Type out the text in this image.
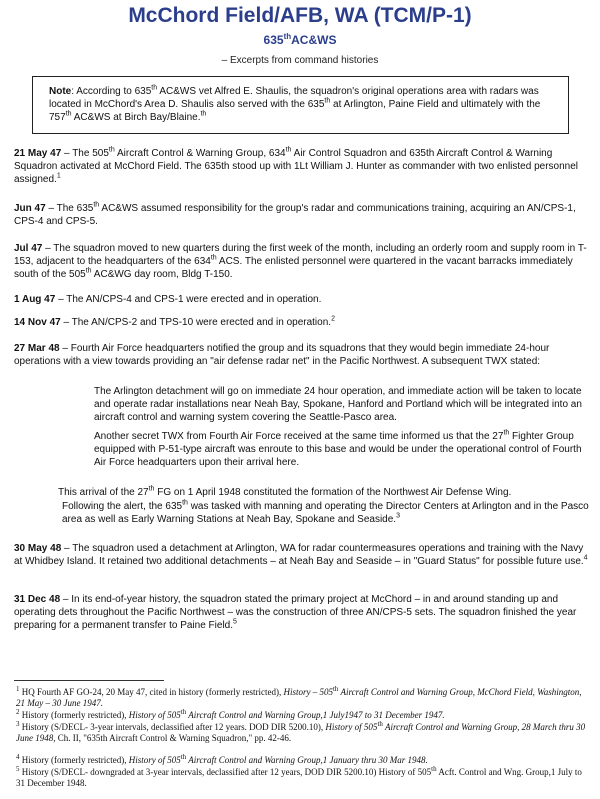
McChord Field/AFB, WA (TCM/P-1)
635thAC&WS
– Excerpts from command histories
Note: According to 635th AC&WS vet Alfred E. Shaulis, the squadron's original operations area with radars was located in McChord's Area D. Shaulis also served with the 635th at Arlington, Paine Field and ultimately with the 757th AC&WS at Birch Bay/Blaine.$^{th}$
21 May 47 – The 505th Aircraft Control & Warning Group, 634th Air Control Squadron and 635th Aircraft Control & Warning Squadron activated at McChord Field. The 635th stood up with 1Lt William J. Hunter as commander with two enlisted personnel assigned.$^1$
Jun 47 – The 635th AC&WS assumed responsibility for the group's radar and communications training, acquiring an AN/CPS-1, CPS-4 and CPS-5.
Jul 47 – The squadron moved to new quarters during the first week of the month, including an orderly room and supply room in T-153, adjacent to the headquarters of the 634th ACS. The enlisted personnel were quartered in the vacant barracks immediately south of the 505th AC&WG day room, Bldg T-150.
1 Aug 47 – The AN/CPS-4 and CPS-1 were erected and in operation.
14 Nov 47 – The AN/CPS-2 and TPS-10 were erected and in operation.$^2$
27 Mar 48 – Fourth Air Force headquarters notified the group and its squadrons that they would begin immediate 24-hour operations with a view towards providing an "air defense radar net" in the Pacific Northwest. A subsequent TWX stated:
The Arlington detachment will go on immediate 24 hour operation, and immediate action will be taken to locate and operate radar installations near Neah Bay, Spokane, Hanford and Portland which will be integrated into an aircraft control and warning system covering the Seattle-Pasco area.
Another secret TWX from Fourth Air Force received at the same time informed us that the 27th Fighter Group equipped with P-51-type aircraft was enroute to this base and would be under the operational control of Fourth Air Force headquarters upon their arrival here.
This arrival of the 27th FG on 1 April 1948 constituted the formation of the Northwest Air Defense Wing.
Following the alert, the 635th was tasked with manning and operating the Director Centers at Arlington and in the Pasco area as well as Early Warning Stations at Neah Bay, Spokane and Seaside.$^3$
30 May 48 – The squadron used a detachment at Arlington, WA for radar countermeasures operations and training with the Navy at Whidbey Island. It retained two additional detachments – at Neah Bay and Seaside – in "Guard Status" for possible future use.$^4$
31 Dec 48 – In its end-of-year history, the squadron stated the primary project at McChord – in and around standing up and operating dets throughout the Pacific Northwest – was the construction of three AN/CPS-5 sets. The squadron finished the year preparing for a permanent transfer to Paine Field.$^5$
$^1$ HQ Fourth AF GO-24, 20 May 47, cited in history (formerly restricted), History – 505th Aircraft Control and Warning Group, McChord Field, Washington, 21 May – 30 June 1947.
$^2$ History (formerly restricted), History of 505th Aircraft Control and Warning Group,1 July1947 to 31 December 1947.
$^3$ History (S/DECL- 3-year intervals, declassified after 12 years. DOD DIR 5200.10), History of 505th Aircraft Control and Warning Group, 28 March thru 30 June 1948, Ch. II, "635th Aircraft Control & Warning Squadron," pp. 42-46.
$^4$ History (formerly restricted), History of 505th Aircraft Control and Warning Group,1 January thru 30 Mar 1948.
$^5$ History (S/DECL- downgraded at 3-year intervals, declassified after 12 years, DOD DIR 5200.10) History of 505th Acft. Control and Wng. Group,1 July to 31 December 1948.
